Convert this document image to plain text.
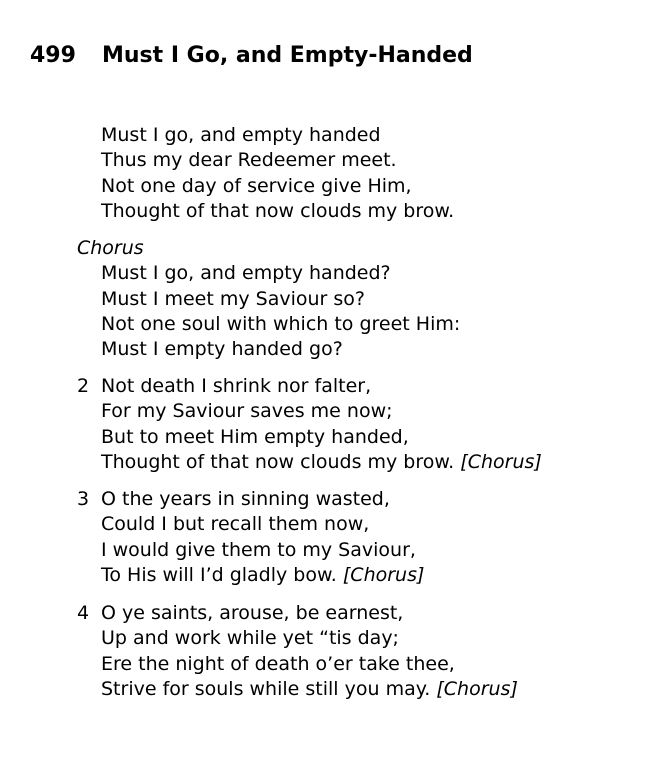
499 Must I Go, and Empty-Handed
Must I go, and empty handed
Thus my dear Redeemer meet.
Not one day of service give Him,
Thought of that now clouds my brow.
Chorus
Must I go, and empty handed?
Must I meet my Saviour so?
Not one soul with which to greet Him:
Must I empty handed go?
2 Not death I shrink nor falter,
For my Saviour saves me now;
But to meet Him empty handed,
Thought of that now clouds my brow. [Chorus]
3 O the years in sinning wasted,
Could I but recall them now,
I would give them to my Saviour,
To His will I’d gladly bow. [Chorus]
4 O ye saints, arouse, be earnest,
Up and work while yet “tis day;
Ere the night of death o’er take thee,
Strive for souls while still you may. [Chorus]
